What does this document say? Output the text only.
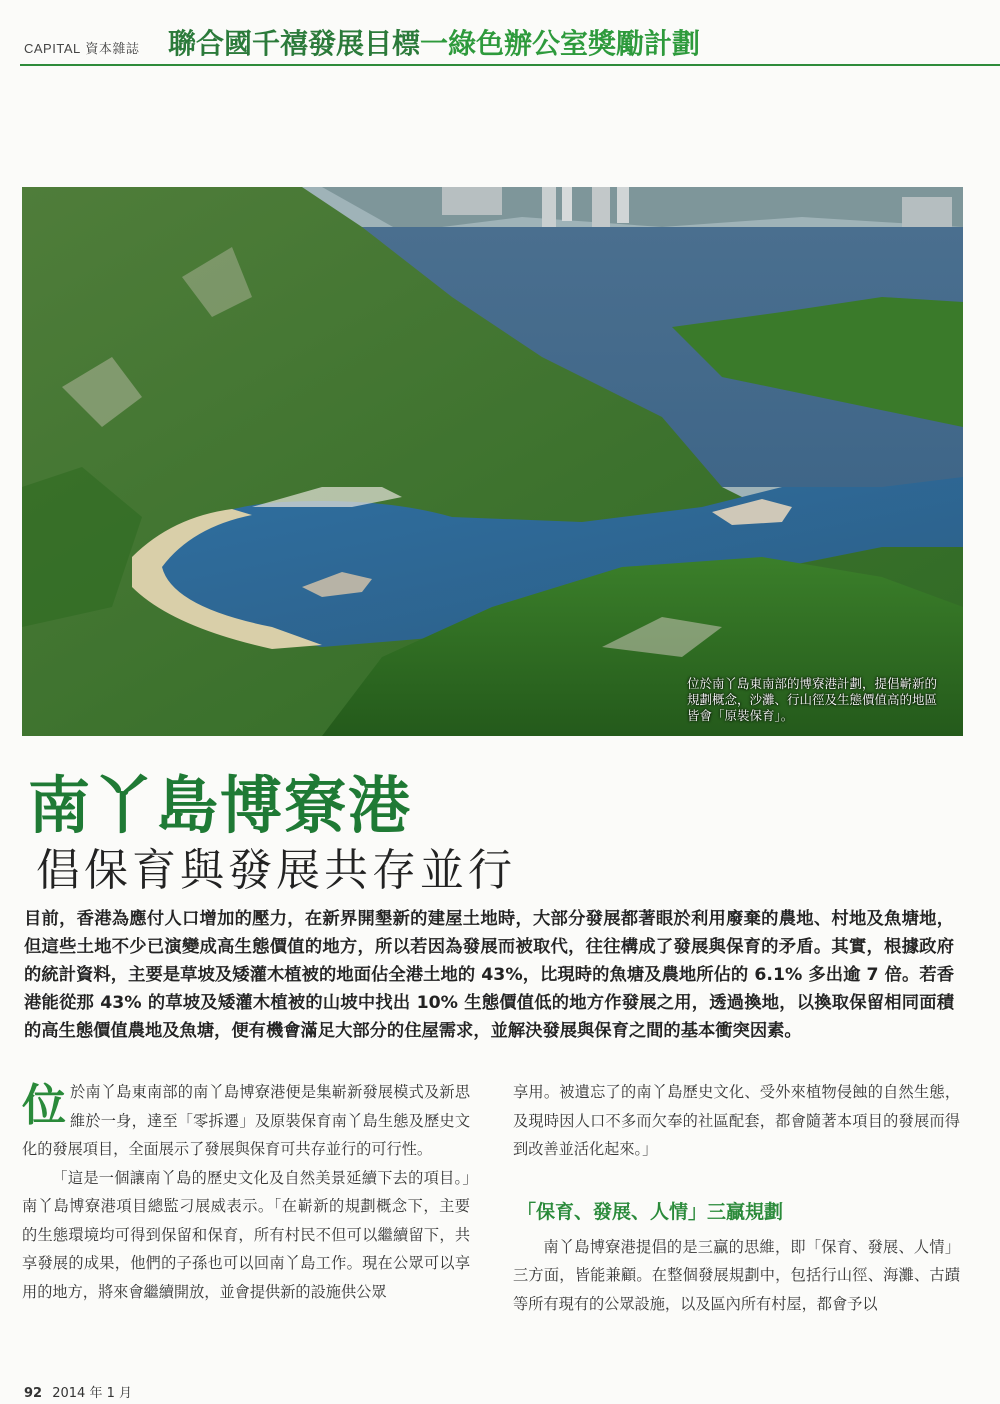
CAPITAL 資本雜誌 聯合國千禧發展目標一綠色辦公室獎勵計劃
位於南丫島東南部的博寮港計劃，提倡嶄新的規劃概念，沙灘、行山徑及生態價值高的地區皆會「原裝保育」。
南丫島博寮港
倡保育與發展共存並行
目前，香港為應付人口增加的壓力，在新界開墾新的建屋土地時，大部分發展都著眼於利用廢棄的農地、村地及魚塘地，但這些土地不少已演變成高生態價值的地方，所以若因為發展而被取代，往往構成了發展與保育的矛盾。其實，根據政府的統計資料，主要是草坡及矮灌木植被的地面佔全港土地的 43%，比現時的魚塘及農地所佔的 6.1% 多出逾 7 倍。若香港能從那 43% 的草坡及矮灌木植被的山坡中找出 10% 生態價值低的地方作發展之用，透過換地，以換取保留相同面積的高生態價值農地及魚塘，便有機會滿足大部分的住屋需求，並解決發展與保育之間的基本衝突因素。

位於南丫島東南部的南丫島博寮港便是集嶄新發展模式及新思維於一身，達至「零拆遷」及原裝保育南丫島生態及歷史文化的發展項目，全面展示了發展與保育可共存並行的可行性。

「這是一個讓南丫島的歷史文化及自然美景延續下去的項目。」南丫島博寮港項目總監刁展威表示。「在嶄新的規劃概念下，主要的生態環境均可得到保留和保育，所有村民不但可以繼續留下，共享發展的成果，他們的子孫也可以回南丫島工作。現在公眾可以享用的地方，將來會繼續開放，並會提供新的設施供公眾

享用。被遺忘了的南丫島歷史文化、受外來植物侵蝕的自然生態，及現時因人口不多而欠奉的社區配套，都會隨著本項目的發展而得到改善並活化起來。」

「保育、發展、人情」三贏規劃

南丫島博寮港提倡的是三贏的思維，即「保育、發展、人情」三方面，皆能兼顧。在整個發展規劃中，包括行山徑、海灘、古蹟等所有現有的公眾設施，以及區內所有村屋，都會予以

92 2014 年 1 月
